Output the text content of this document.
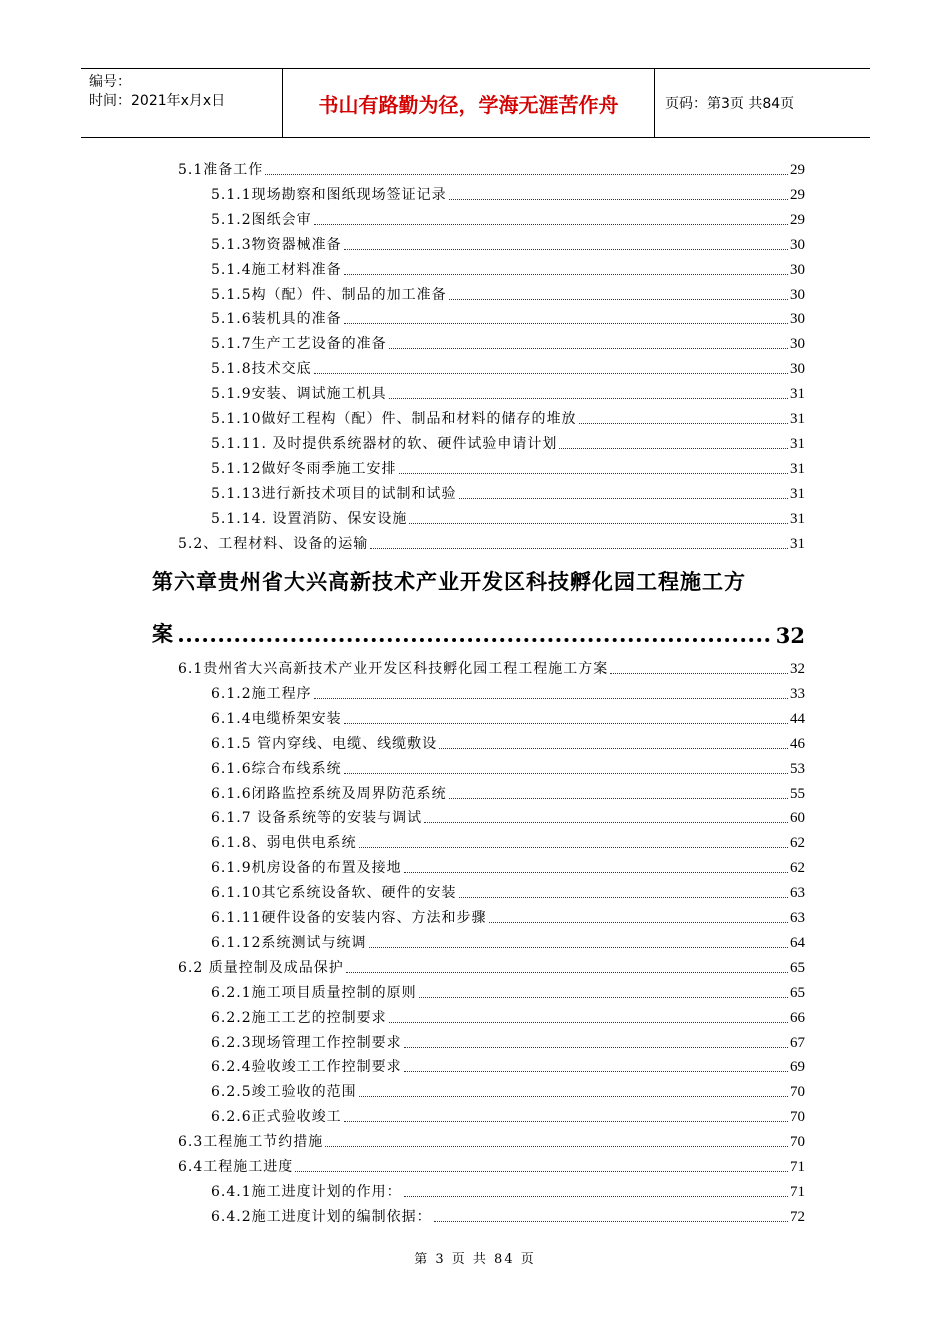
编号：
时间：2021年x月x日	书山有路勤为径，学海无涯苦作舟	页码：第3页 共84页
第六章贵州省大兴高新技术产业开发区科技孵化园工程施工方
案	32
5.1准备工作	29
5.1.1现场勘察和图纸现场签证记录	29
5.1.2图纸会审	29
5.1.3物资器械准备	30
5.1.4施工材料准备	30
5.1.5构（配）件、制品的加工准备	30
5.1.6装机具的准备	30
5.1.7生产工艺设备的准备	30
5.1.8技术交底	30
5.1.9安装、调试施工机具	31
5.1.10做好工程构（配）件、制品和材料的储存的堆放	31
5.1.11. 及时提供系统器材的软、硬件试验申请计划	31
5.1.12做好冬雨季施工安排	31
5.1.13进行新技术项目的试制和试验	31
5.1.14. 设置消防、保安设施	31
5.2、工程材料、设备的运输	31
6.1贵州省大兴高新技术产业开发区科技孵化园工程工程施工方案	32
6.1.2施工程序	33
6.1.4电缆桥架安装	44
6.1.5 管内穿线、电缆、线缆敷设	46
6.1.6综合布线系统	53
6.1.6闭路监控系统及周界防范系统	55
6.1.7 设备系统等的安装与调试	60
6.1.8、弱电供电系统	62
6.1.9机房设备的布置及接地	62
6.1.10其它系统设备软、硬件的安装	63
6.1.11硬件设备的安装内容、方法和步骤	63
6.1.12系统测试与统调	64
6.2 质量控制及成品保护	65
6.2.1施工项目质量控制的原则	65
6.2.2施工工艺的控制要求	66
6.2.3现场管理工作控制要求	67
6.2.4验收竣工工作控制要求	69
6.2.5竣工验收的范围	70
6.2.6正式验收竣工	70
6.3工程施工节约措施	70
6.4工程施工进度	71
6.4.1施工进度计划的作用：	71
6.4.2施工进度计划的编制依据：	72
第 3 页 共 84 页
